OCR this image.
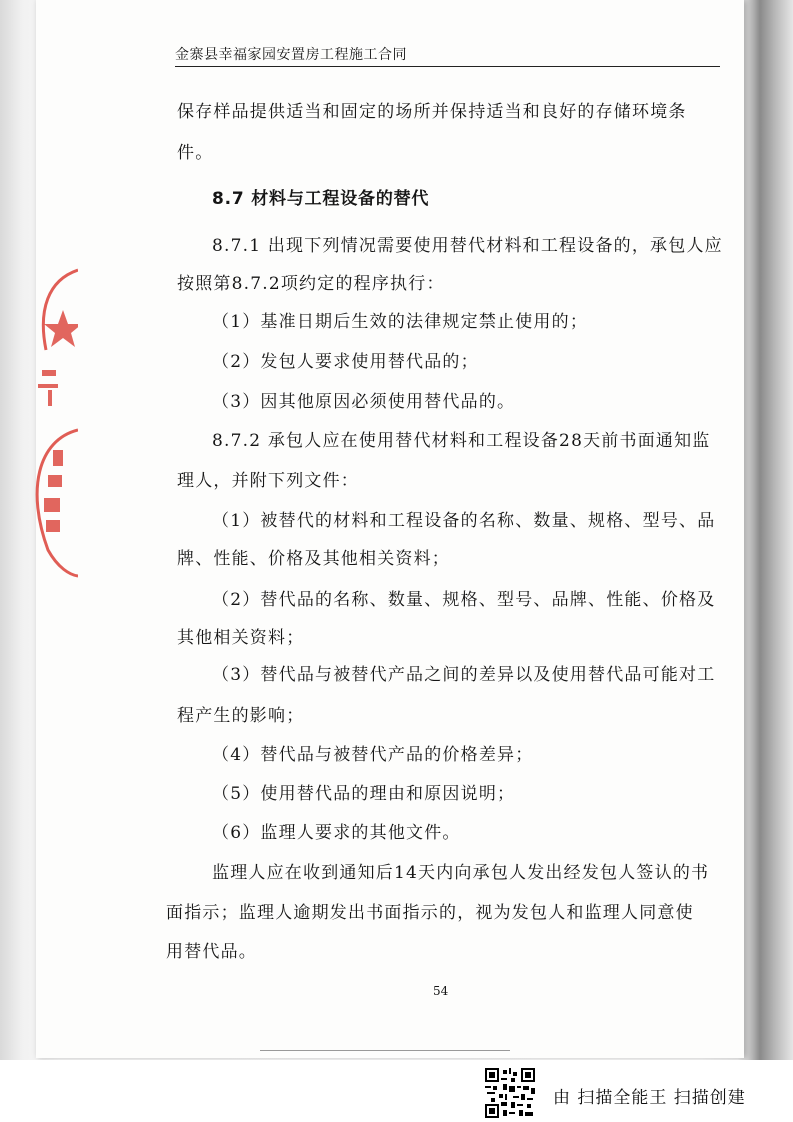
金寨县幸福家园安置房工程施工合同
保存样品提供适当和固定的场所并保持适当和良好的存储环境条
件。
8.7 材料与工程设备的替代
8.7.1 出现下列情况需要使用替代材料和工程设备的，承包人应
按照第8.7.2项约定的程序执行：
（1）基准日期后生效的法律规定禁止使用的；
（2）发包人要求使用替代品的；
（3）因其他原因必须使用替代品的。
8.7.2 承包人应在使用替代材料和工程设备28天前书面通知监
理人，并附下列文件：
（1）被替代的材料和工程设备的名称、数量、规格、型号、品
牌、性能、价格及其他相关资料；
（2）替代品的名称、数量、规格、型号、品牌、性能、价格及
其他相关资料；
（3）替代品与被替代产品之间的差异以及使用替代品可能对工
程产生的影响；
（4）替代品与被替代产品的价格差异；
（5）使用替代品的理由和原因说明；
（6）监理人要求的其他文件。
监理人应在收到通知后14天内向承包人发出经发包人签认的书
面指示；监理人逾期发出书面指示的，视为发包人和监理人同意使
用替代品。
54
由 扫描全能王 扫描创建
